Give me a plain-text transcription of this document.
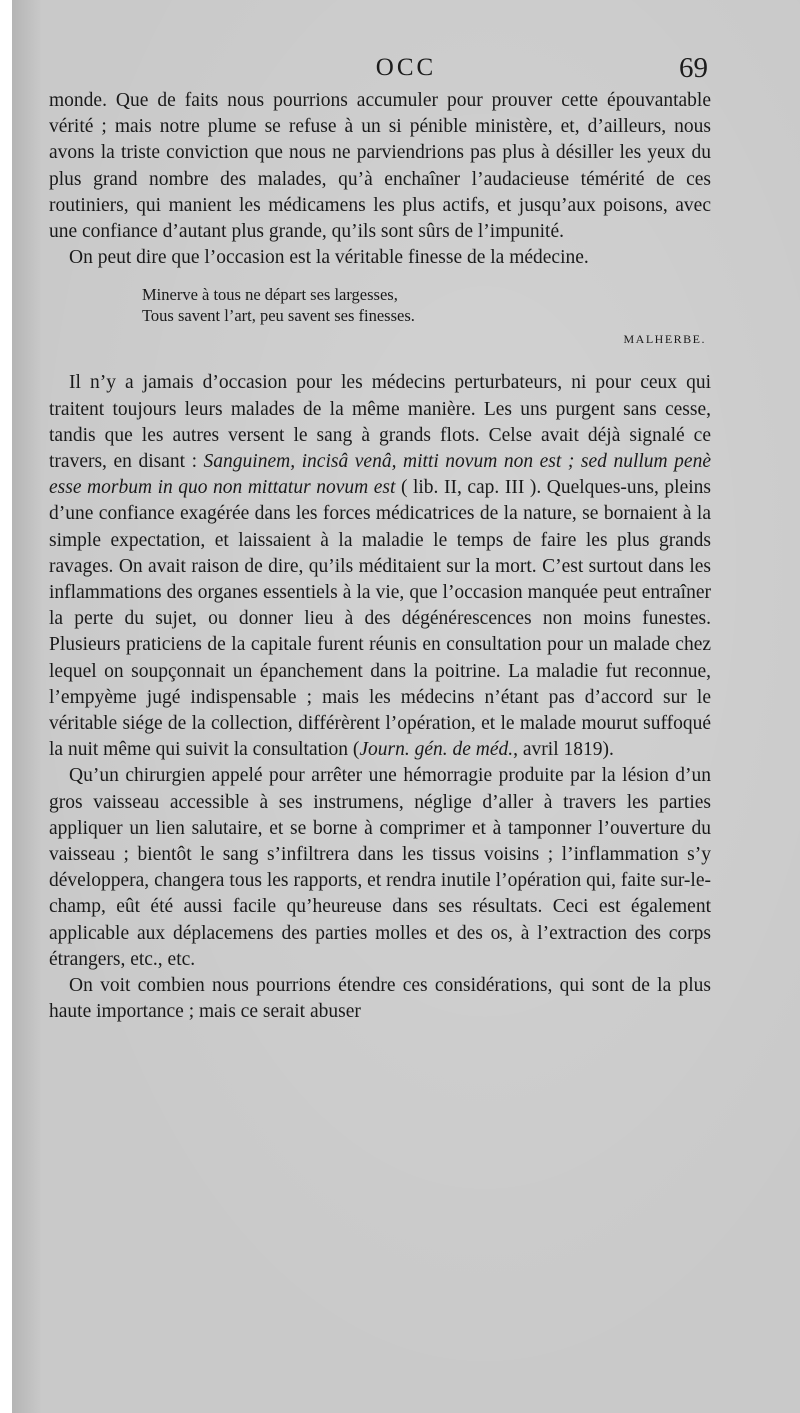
OCC	69

monde. Que de faits nous pourrions accumuler pour prouver cette épouvantable vérité ; mais notre plume se refuse à un si pénible ministère, et, d’ailleurs, nous avons la triste conviction que nous ne parviendrions pas plus à désiller les yeux du plus grand nombre des malades, qu’à enchaîner l’audacieuse témérité de ces routiniers, qui manient les médicamens les plus actifs, et jusqu’aux poisons, avec une confiance d’autant plus grande, qu’ils sont sûrs de l’impunité.

On peut dire que l’occasion est la véritable finesse de la médecine.

Minerve à tous ne départ ses largesses,
Tous savent l’art, peu savent ses finesses.
MALHERBE.

Il n’y a jamais d’occasion pour les médecins perturbateurs, ni pour ceux qui traitent toujours leurs malades de la même manière. Les uns purgent sans cesse, tandis que les autres versent le sang à grands flots. Celse avait déjà signalé ce travers, en disant : Sanguinem, incisâ venâ, mitti novum non est ; sed nullum penè esse morbum in quo non mittatur novum est ( lib. II, cap. III ). Quelques-uns, pleins d’une confiance exagérée dans les forces médicatrices de la nature, se bornaient à la simple expectation, et laissaient à la maladie le temps de faire les plus grands ravages. On avait raison de dire, qu’ils méditaient sur la mort. C’est surtout dans les inflammations des organes essentiels à la vie, que l’occasion manquée peut entraîner la perte du sujet, ou donner lieu à des dégénérescences non moins funestes. Plusieurs praticiens de la capitale furent réunis en consultation pour un malade chez lequel on soupçonnait un épanchement dans la poitrine. La maladie fut reconnue, l’empyème jugé indispensable ; mais les médecins n’étant pas d’accord sur le véritable siége de la collection, différèrent l’opération, et le malade mourut suffoqué la nuit même qui suivit la consultation (Journ. gén. de méd., avril 1819).

Qu’un chirurgien appelé pour arrêter une hémorragie produite par la lésion d’un gros vaisseau accessible à ses instrumens, néglige d’aller à travers les parties appliquer un lien salutaire, et se borne à comprimer et à tamponner l’ouverture du vaisseau ; bientôt le sang s’infiltrera dans les tissus voisins ; l’inflammation s’y développera, changera tous les rapports, et rendra inutile l’opération qui, faite sur-le-champ, eût été aussi facile qu’heureuse dans ses résultats. Ceci est également applicable aux déplacemens des parties molles et des os, à l’extraction des corps étrangers, etc., etc.

On voit combien nous pourrions étendre ces considérations, qui sont de la plus haute importance ; mais ce serait abuser
